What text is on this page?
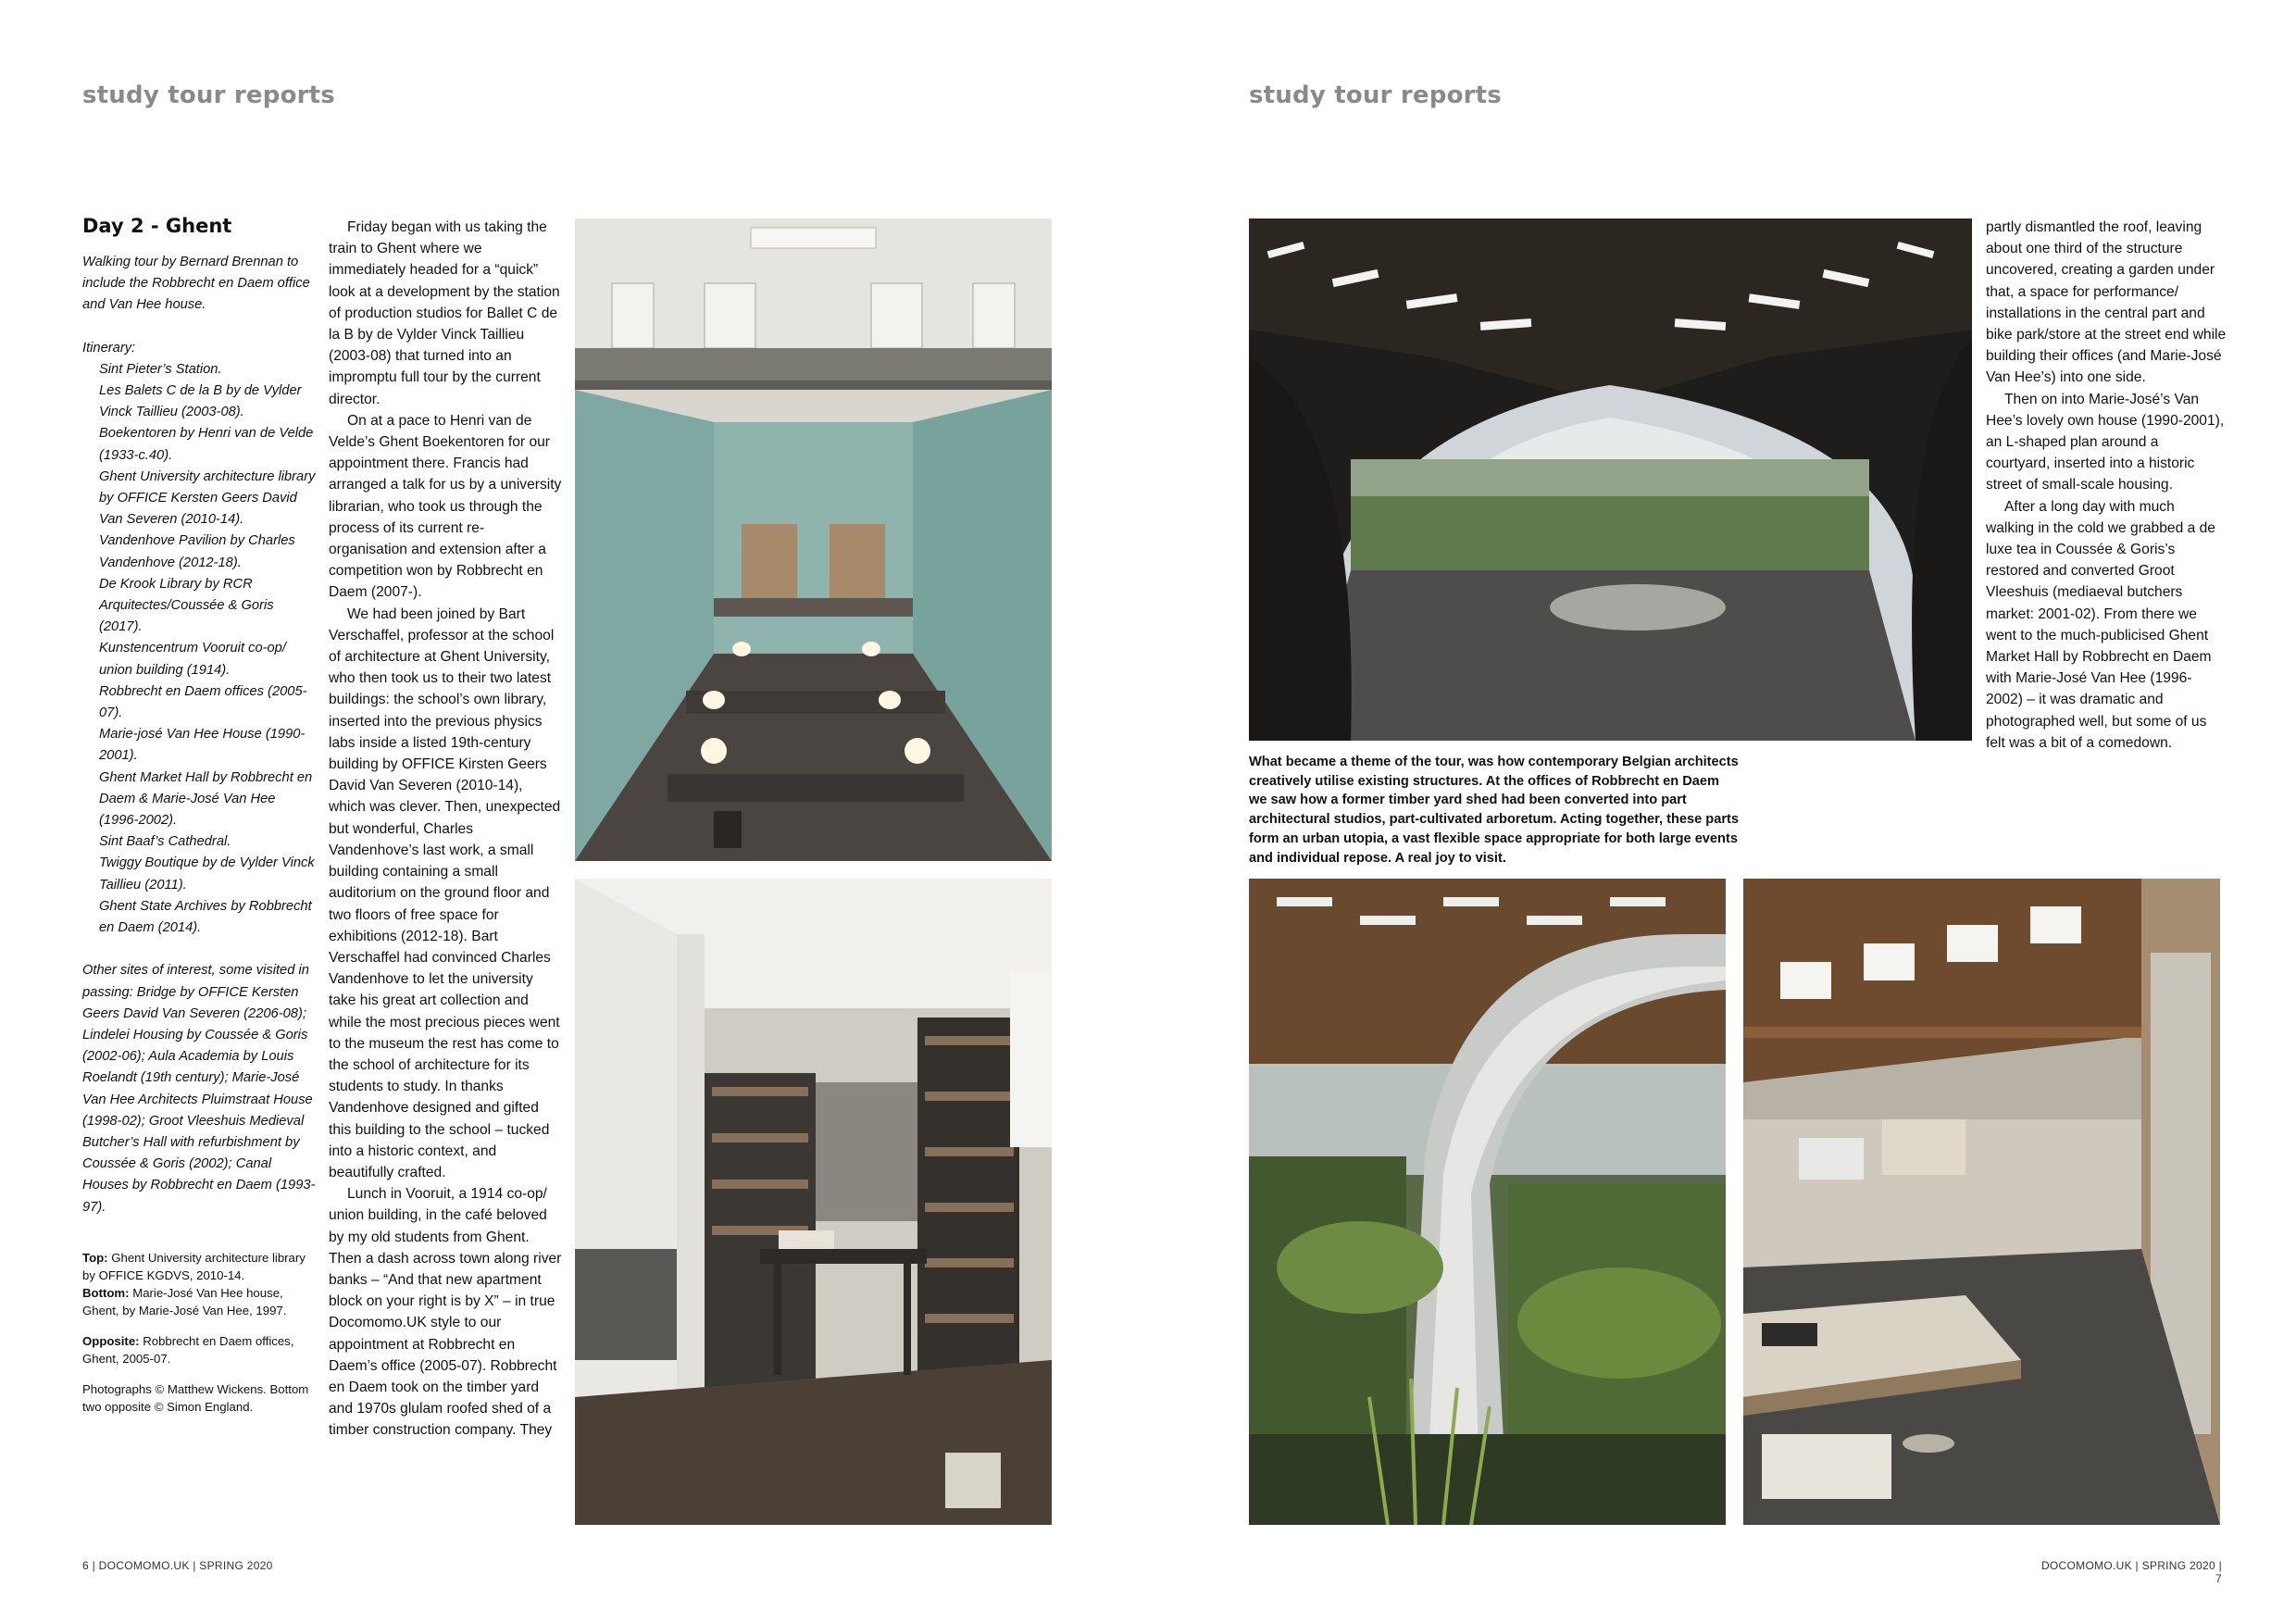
study tour reports
Day 2 - Ghent

Walking tour by Bernard Brennan to include the Robbrecht en Daem office and Van Hee house.

Itinerary:

Sint Pieter’s Station.

Les Balets C de la B by de Vylder Vinck Taillieu (2003-08).

Boekentoren by Henri van de Velde (1933-c.40).

Ghent University architecture library by OFFICE Kersten Geers David Van Severen (2010-14).

Vandenhove Pavilion by Charles Vandenhove (2012-18).

De Krook Library by RCR Arquitectes/Coussée & Goris (2017).

Kunstencentrum Vooruit co-op/ union building (1914).

Robbrecht en Daem offices (2005-07).

Marie-josé Van Hee House (1990-2001).

Ghent Market Hall by Robbrecht en Daem & Marie-José Van Hee (1996-2002).

Sint Baaf’s Cathedral.

Twiggy Boutique by de Vylder Vinck Taillieu (2011).

Ghent State Archives by Robbrecht en Daem (2014).

Other sites of interest, some visited in passing: Bridge by OFFICE Kersten Geers David Van Severen (2206-08); Lindelei Housing by Coussée & Goris (2002-06); Aula Academia by Louis Roelandt (19th century); Marie-José Van Hee Architects Pluimstraat House (1998-02); Groot Vleeshuis Medieval Butcher’s Hall with refurbishment by Coussée & Goris (2002); Canal Houses by Robbrecht en Daem (1993-97).

Top: Ghent University architecture library by OFFICE KGDVS, 2010-14.
Bottom: Marie-José Van Hee house, Ghent, by Marie-José Van Hee, 1997.

Opposite: Robbrecht en Daem offices, Ghent, 2005-07.

Photographs © Matthew Wickens. Bottom two opposite © Simon England.

Friday began with us taking the train to Ghent where we immediately headed for a “quick” look at a development by the station of production studios for Ballet C de la B by de Vylder Vinck Taillieu (2003-08) that turned into an impromptu full tour by the current director.

On at a pace to Henri van de Velde’s Ghent Boekentoren for our appointment there. Francis had arranged a talk for us by a university librarian, who took us through the process of its current re-organisation and extension after a competition won by Robbrecht en Daem (2007-).

We had been joined by Bart Verschaffel, professor at the school of architecture at Ghent University, who then took us to their two latest buildings: the school’s own library, inserted into the previous physics labs inside a listed 19th-century building by OFFICE Kirsten Geers David Van Severen (2010-14), which was clever. Then, unexpected but wonderful, Charles Vandenhove’s last work, a small building containing a small auditorium on the ground floor and two floors of free space for exhibitions (2012-18). Bart Verschaffel had convinced Charles Vandenhove to let the university take his great art collection and while the most precious pieces went to the museum the rest has come to the school of architecture for its students to study. In thanks Vandenhove designed and gifted this building to the school – tucked into a historic context, and beautifully crafted.

Lunch in Vooruit, a 1914 co-op/ union building, in the café beloved by my old students from Ghent. Then a dash across town along river banks – “And that new apartment block on your right is by X” – in true Docomomo.UK style to our appointment at Robbrecht en Daem’s office (2005-07). Robbrecht en Daem took on the timber yard and 1970s glulam roofed shed of a timber construction company. They

6 | DOCOMOMO.UK | SPRING 2020
study tour reports
What became a theme of the tour, was how contemporary Belgian architects creatively utilise existing structures. At the offices of Robbrecht en Daem we saw how a former timber yard shed had been converted into part architectural studios, part-cultivated arboretum. Acting together, these parts form an urban utopia, a vast flexible space appropriate for both large events and individual repose. A real joy to visit.

partly dismantled the roof, leaving about one third of the structure uncovered, creating a garden under that, a space for performance/ installations in the central part and bike park/store at the street end while building their offices (and Marie-José Van Hee’s) into one side.

Then on into Marie-José’s Van Hee’s lovely own house (1990-2001), an L-shaped plan around a courtyard, inserted into a historic street of small-scale housing.

After a long day with much walking in the cold we grabbed a de luxe tea in Coussée & Goris’s restored and converted Groot Vleeshuis (mediaeval butchers market: 2001-02). From there we went to the much-publicised Ghent Market Hall by Robbrecht en Daem with Marie-José Van Hee (1996-2002) – it was dramatic and photographed well, but some of us felt was a bit of a comedown.

DOCOMOMO.UK | SPRING 2020 | 7
